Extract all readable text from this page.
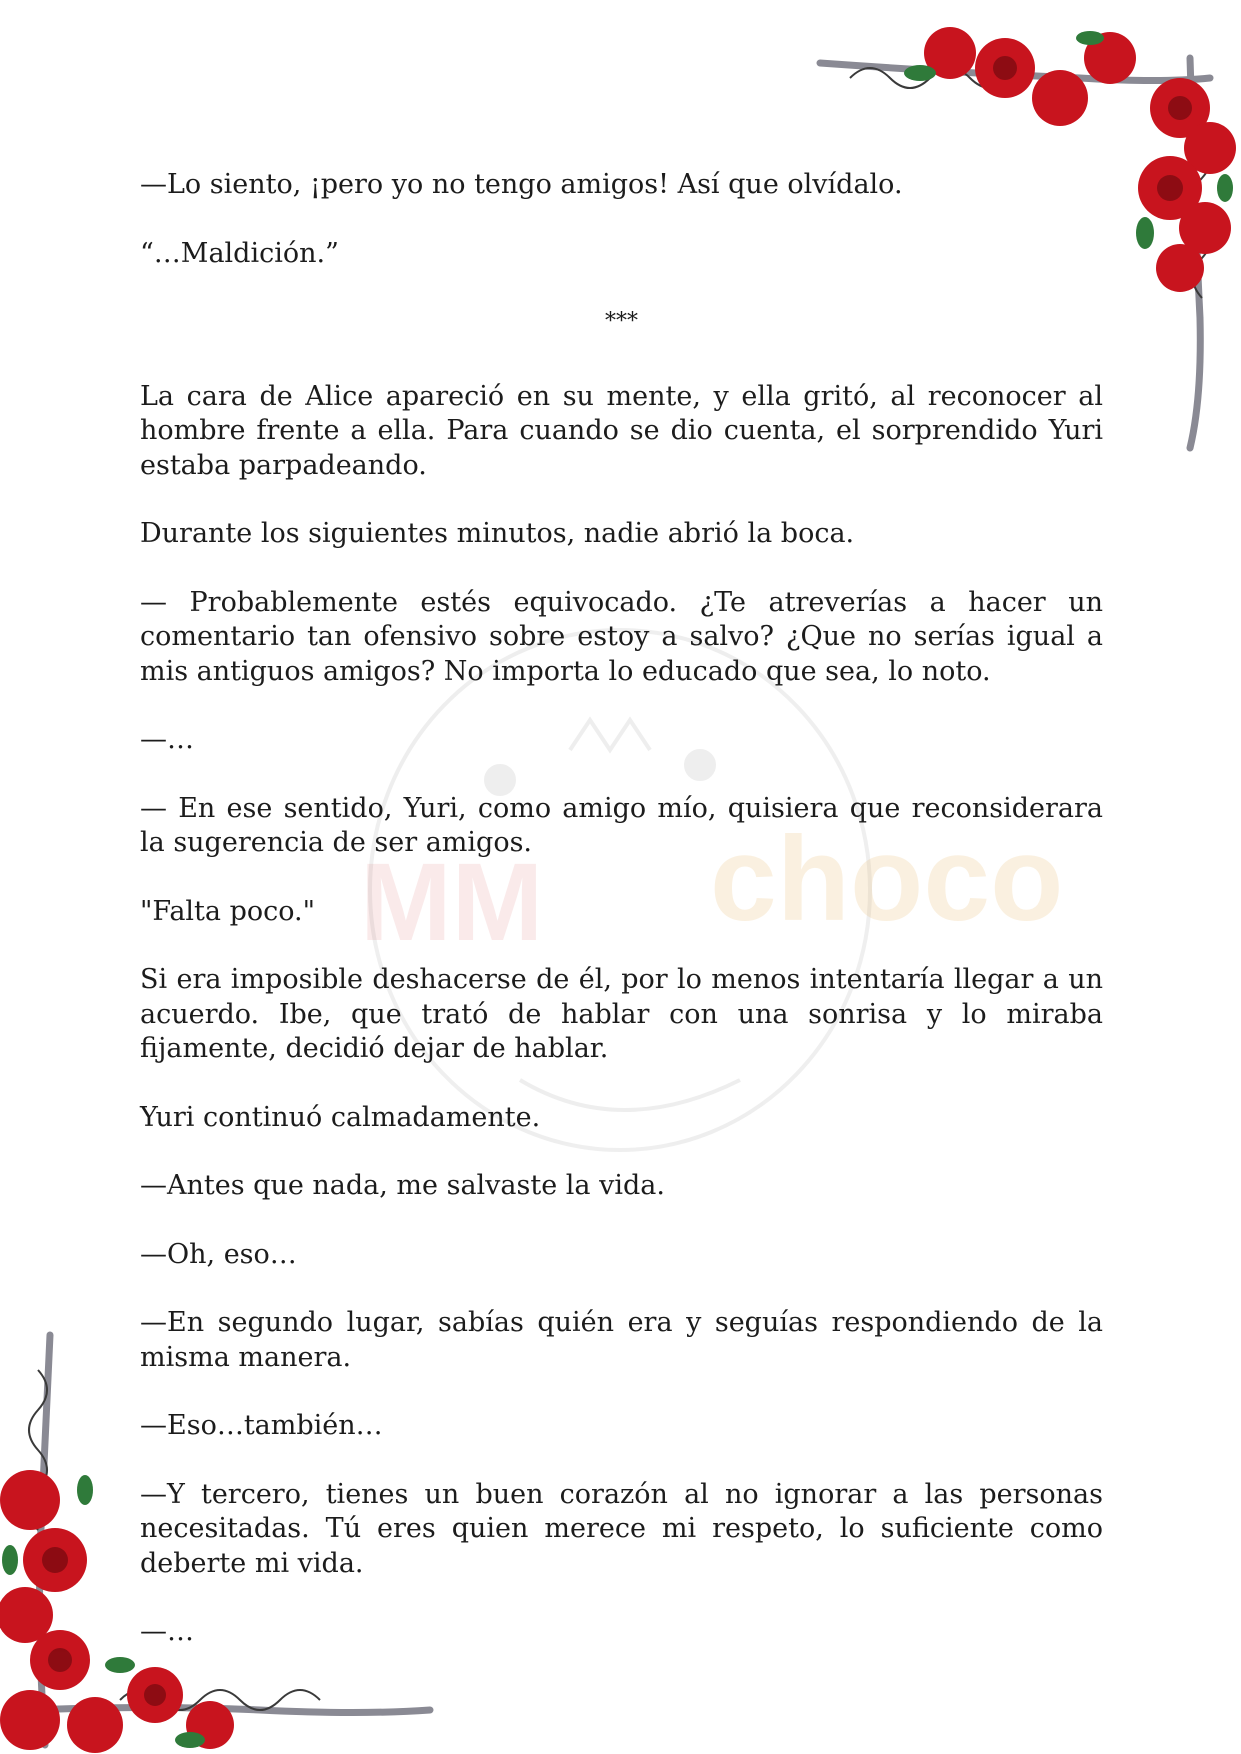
choco
MM

—Lo siento, ¡pero yo no tengo amigos! Así que olvídalo.

“…Maldición.”

***

La cara de Alice apareció en su mente, y ella gritó, al reconocer al hombre frente a ella. Para cuando se dio cuenta, el sorprendido Yuri estaba parpadeando.

Durante los siguientes minutos, nadie abrió la boca.

— Probablemente estés equivocado. ¿Te atreverías a hacer un comentario tan ofensivo sobre estoy a salvo? ¿Que no serías igual a mis antiguos amigos? No importa lo educado que sea, lo noto.

—…

— En ese sentido, Yuri, como amigo mío, quisiera que reconsiderara la sugerencia de ser amigos.

"Falta poco."

Si era imposible deshacerse de él, por lo menos intentaría llegar a un acuerdo. Ibe, que trató de hablar con una sonrisa y lo miraba fijamente, decidió dejar de hablar.

Yuri continuó calmadamente.

—Antes que nada, me salvaste la vida.

—Oh, eso…

—En segundo lugar, sabías quién era y seguías respondiendo de la misma manera.

—Eso…también…

—Y tercero, tienes un buen corazón al no ignorar a las personas necesitadas. Tú eres quien merece mi respeto, lo suficiente como deberte mi vida.

—…
